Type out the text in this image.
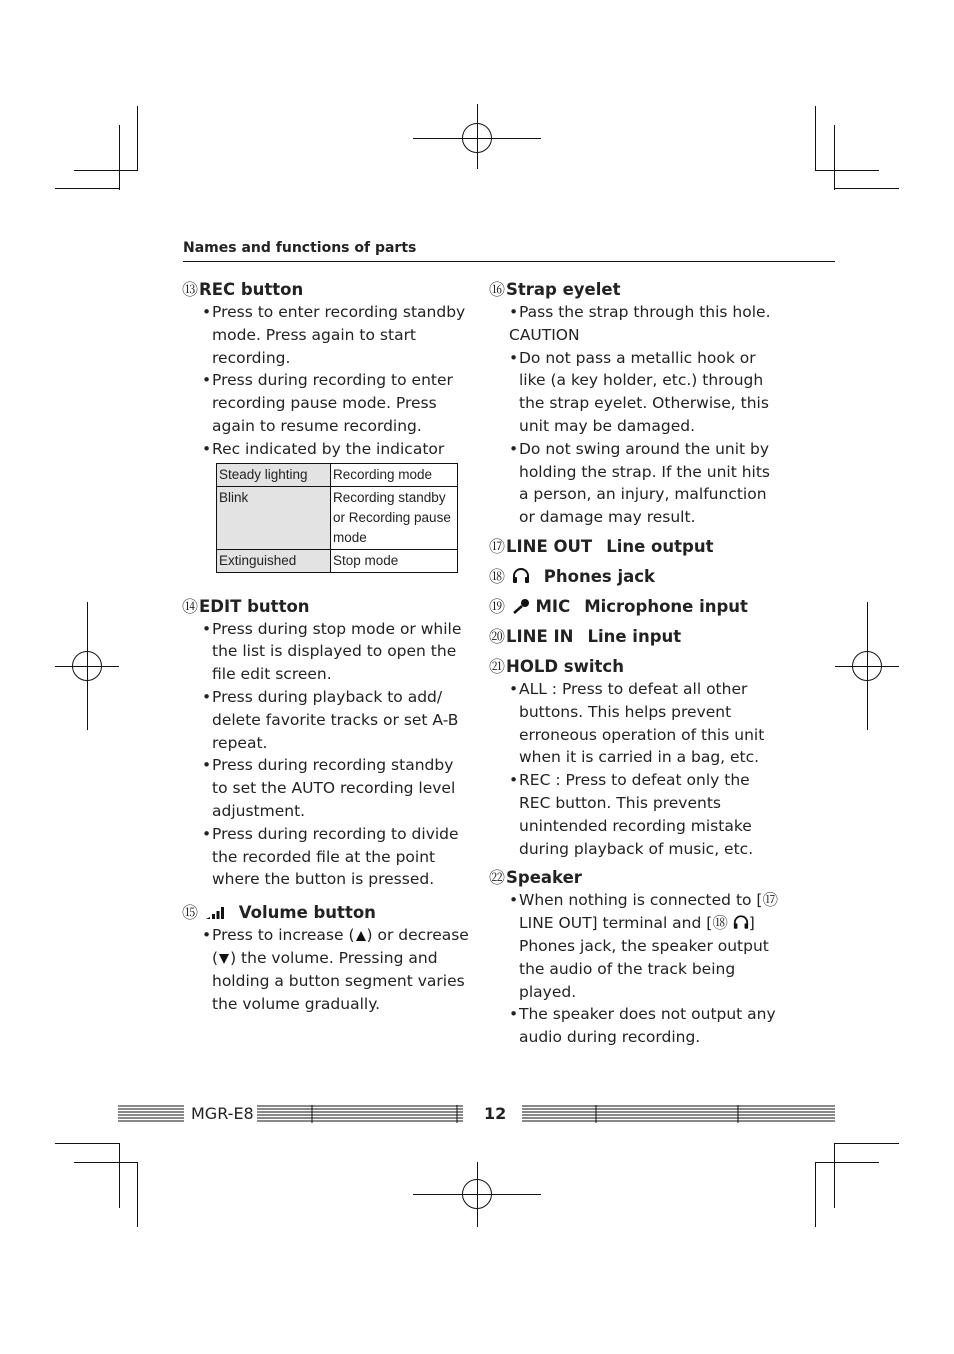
Names and functions of parts

⑬REC button

• Press to enter recording standby mode. Press again to start recording.
• Press during recording to enter recording pause mode. Press again to resume recording.
• Rec indicated by the indicator
Steady lighting	Recording mode
Blink	Recording standby or Recording pause mode
Extinguished	Stop mode

⑭EDIT button

• Press during stop mode or while the list is displayed to open the file edit screen.
• Press during playback to add/ delete favorite tracks or set A-B repeat.
• Press during recording standby to set the AUTO recording level adjustment.
• Press during recording to divide the recorded file at the point where the button is pressed.

⑮ Volume button

• Press to increase ( ) or decrease ( ) the volume. Pressing and holding a button segment varies the volume gradually.

⑯Strap eyelet

• Pass the strap through this hole.
CAUTION
• Do not pass a metallic hook or like (a key holder, etc.) through the strap eyelet. Otherwise, this unit may be damaged.
• Do not swing around the unit by holding the strap. If the unit hits a person, an injury, malfunction or damage may result.

⑰LINE OUT Line output

⑱ Phones jack

⑲ MIC Microphone input

⑳LINE IN Line input

㉑HOLD switch

• ALL : Press to defeat all other buttons. This helps prevent erroneous operation of this unit when it is carried in a bag, etc.
• REC : Press to defeat only the REC button. This prevents unintended recording mistake during playback of music, etc.

㉒Speaker

• When nothing is connected to [⑰ LINE OUT] terminal and [⑱ ] Phones jack, the speaker output the audio of the track being played.
• The speaker does not output any audio during recording.
MGR-E8	12
